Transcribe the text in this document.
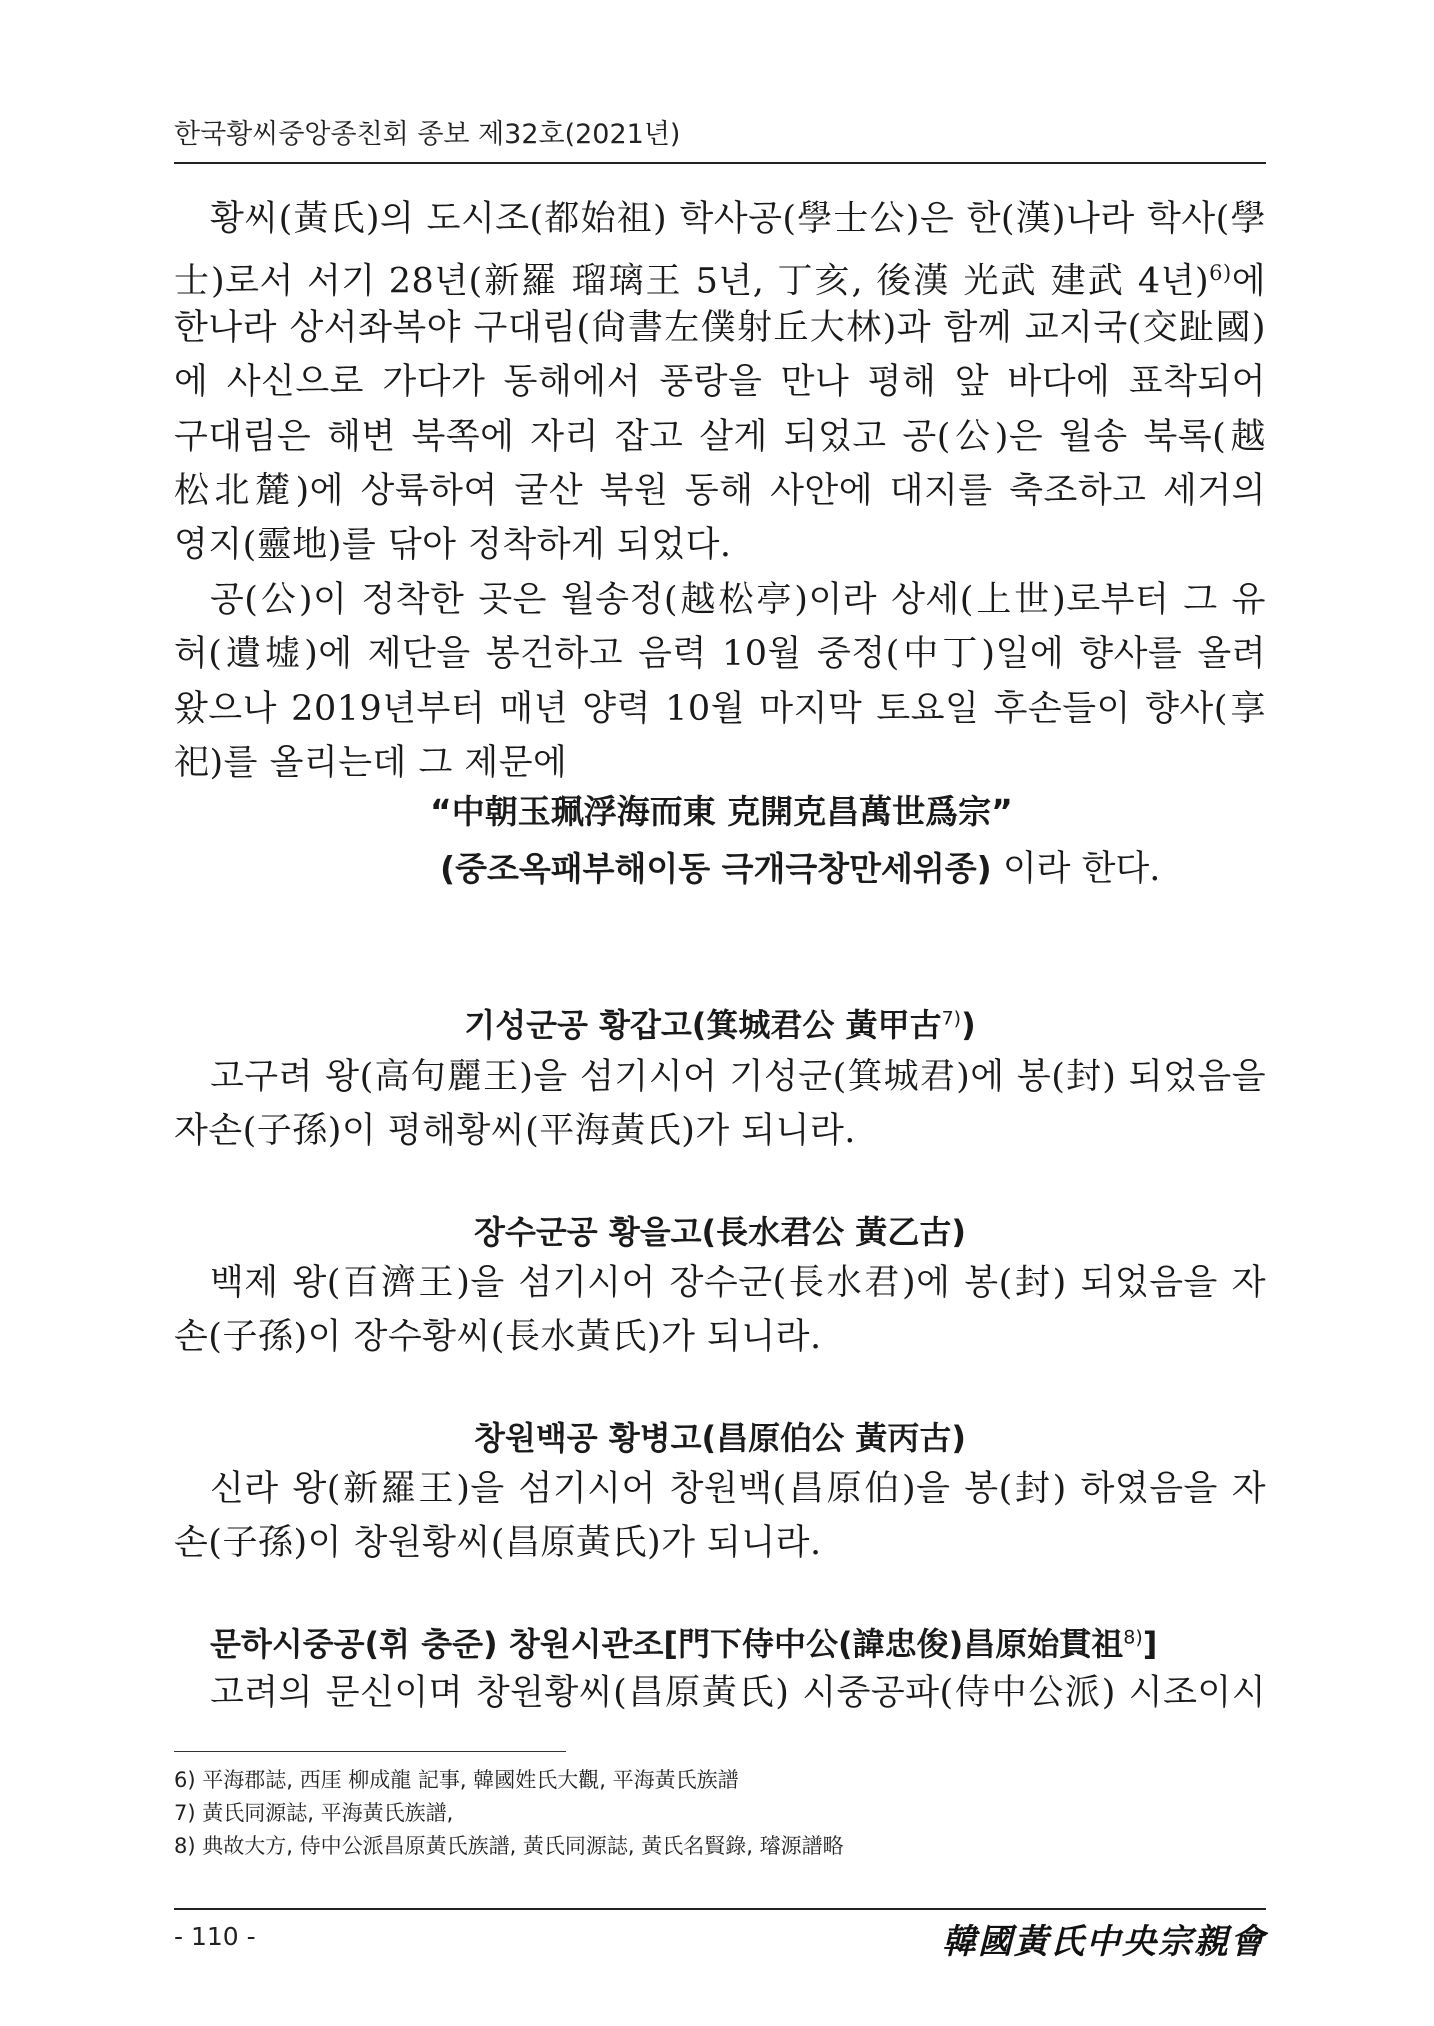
한국황씨중앙종친회 종보 제32호(2021년)
황씨(黃氏)의 도시조(都始祖) 학사공(學士公)은 한(漢)나라 학사(學
士)로서 서기 28년(新羅 瑠璃王 5년, 丁亥, 後漢 光武 建武 4년)$^{6)}$에
한나라 상서좌복야 구대림(尙書左僕射丘大林)과 함께 교지국(交趾國)
에 사신으로 가다가 동해에서 풍랑을 만나 평해 앞 바다에 표착되어
구대림은 해변 북쪽에 자리 잡고 살게 되었고 공(公)은 월송 북록(越
松北麓)에 상륙하여 굴산 북원 동해 사안에 대지를 축조하고 세거의
영지(靈地)를 닦아 정착하게 되었다.
공(公)이 정착한 곳은 월송정(越松亭)이라 상세(上世)로부터 그 유
허(遺墟)에 제단을 봉건하고 음력 10월 중정(中丁)일에 향사를 올려
왔으나 2019년부터 매년 양력 10월 마지막 토요일 후손들이 향사(享
祀)를 올리는데 그 제문에
“中朝玉珮浮海而東 克開克昌萬世爲宗”
(중조옥패부해이동 극개극창만세위종) 이라 한다.
기성군공 황갑고(箕城君公 黃甲古$^{7)}$)
고구려 왕(高句麗王)을 섬기시어 기성군(箕城君)에 봉(封) 되었음을
자손(子孫)이 평해황씨(平海黃氏)가 되니라.
장수군공 황을고(長水君公 黃乙古)
백제 왕(百濟王)을 섬기시어 장수군(長水君)에 봉(封) 되었음을 자
손(子孫)이 장수황씨(長水黃氏)가 되니라.
창원백공 황병고(昌原伯公 黃丙古)
신라 왕(新羅王)을 섬기시어 창원백(昌原伯)을 봉(封) 하였음을 자
손(子孫)이 창원황씨(昌原黃氏)가 되니라.
문하시중공(휘 충준) 창원시관조[門下侍中公(諱忠俊)昌原始貫祖$^{8)}$]
고려의 문신이며 창원황씨(昌原黃氏) 시중공파(侍中公派) 시조이시
6) 平海郡誌, 西厓 柳成龍 記事, 韓國姓氏大觀, 平海黃氏族譜
7) 黃氏同源誌, 平海黃氏族譜,
8) 典故大方, 侍中公派昌原黃氏族譜, 黃氏同源誌, 黃氏名賢錄, 璿源譜略
- 110 -	韓國黃氏中央宗親會
